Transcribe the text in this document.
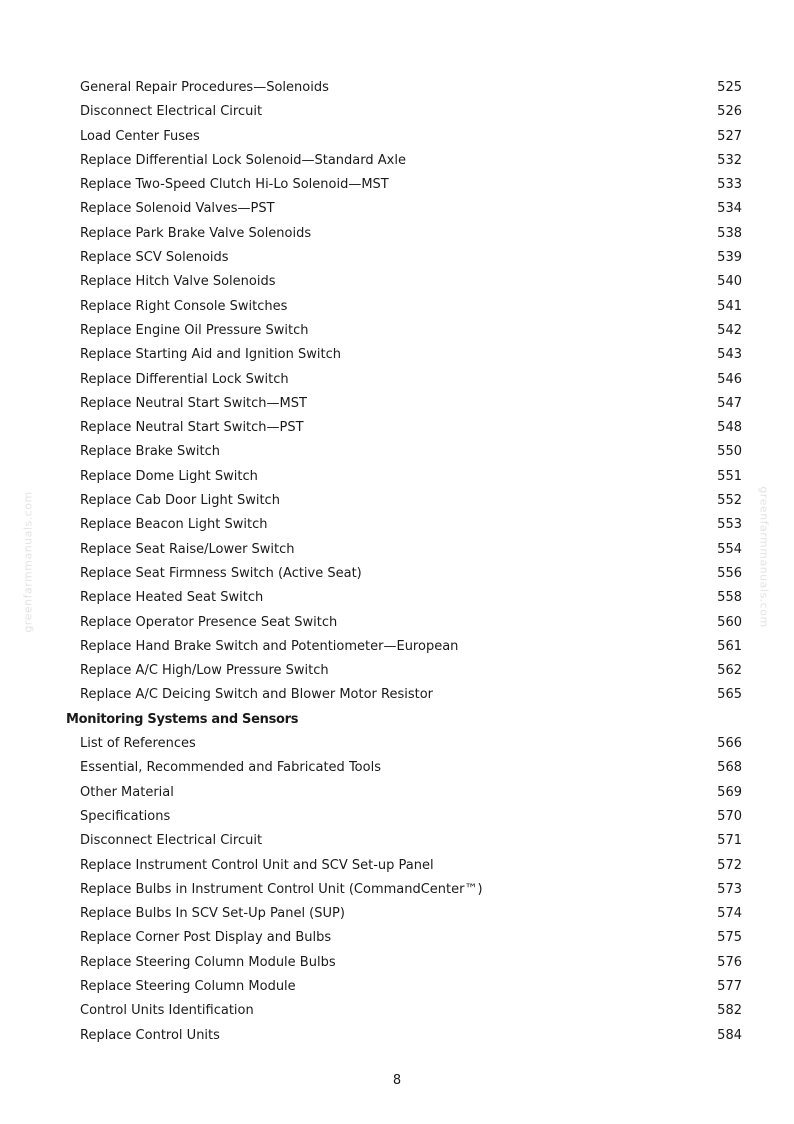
General Repair Procedures—Solenoids	525
Disconnect Electrical Circuit	526
Load Center Fuses	527
Replace Differential Lock Solenoid—Standard Axle	532
Replace Two-Speed Clutch Hi-Lo Solenoid—MST	533
Replace Solenoid Valves—PST	534
Replace Park Brake Valve Solenoids	538
Replace SCV Solenoids	539
Replace Hitch Valve Solenoids	540
Replace Right Console Switches	541
Replace Engine Oil Pressure Switch	542
Replace Starting Aid and Ignition Switch	543
Replace Differential Lock Switch	546
Replace Neutral Start Switch—MST	547
Replace Neutral Start Switch—PST	548
Replace Brake Switch	550
Replace Dome Light Switch	551
Replace Cab Door Light Switch	552
Replace Beacon Light Switch	553
Replace Seat Raise/Lower Switch	554
Replace Seat Firmness Switch (Active Seat)	556
Replace Heated Seat Switch	558
Replace Operator Presence Seat Switch	560
Replace Hand Brake Switch and Potentiometer—European	561
Replace A/C High/Low Pressure Switch	562
Replace A/C Deicing Switch and Blower Motor Resistor	565
Monitoring Systems and Sensors
List of References	566
Essential, Recommended and Fabricated Tools	568
Other Material	569
Specifications	570
Disconnect Electrical Circuit	571
Replace Instrument Control Unit and SCV Set-up Panel	572
Replace Bulbs in Instrument Control Unit (CommandCenter™)	573
Replace Bulbs In SCV Set-Up Panel (SUP)	574
Replace Corner Post Display and Bulbs	575
Replace Steering Column Module Bulbs	576
Replace Steering Column Module	577
Control Units Identification	582
Replace Control Units	584
8
greenfarmmanuals.com	greenfarmmanuals.com
